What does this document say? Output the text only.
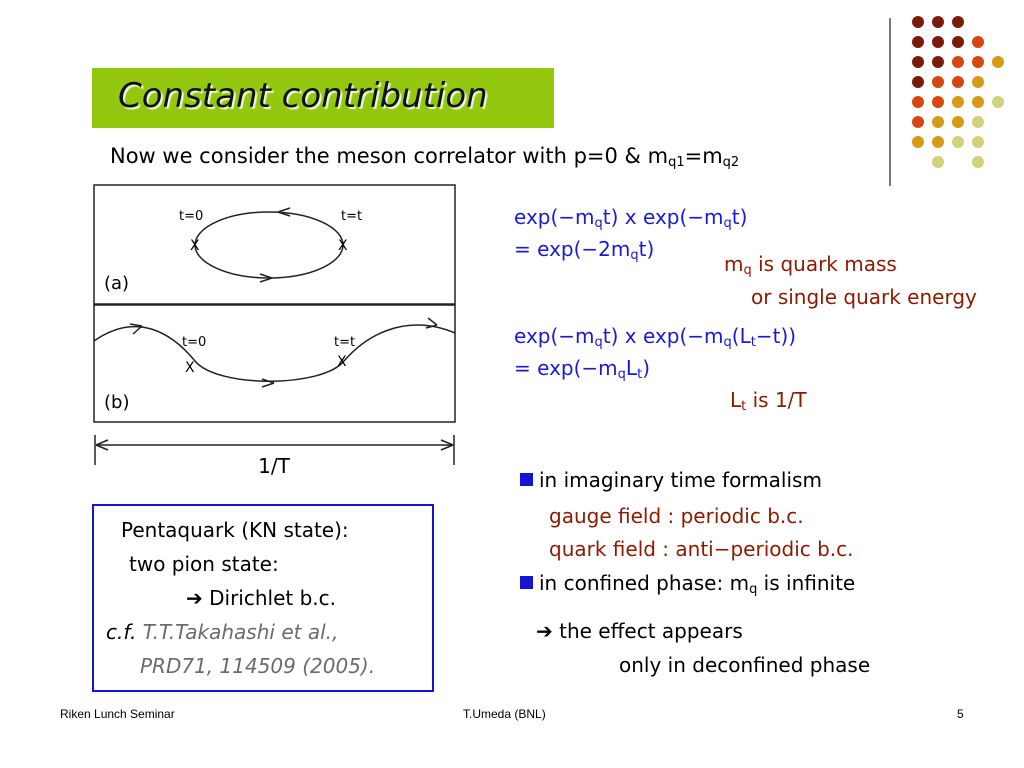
Constant contribution
Now we consider the meson correlator with p=0 & $m_{q1}=m_{q2}$
t=0	t=t
X	X
(a)
t=0	t=t
X	X
(b)
1/T
$\exp(-m_qt)$ x $\exp(-m_qt)$
= $\exp(-2m_qt)$
$m_q$ is quark mass
or single quark energy
$\exp(-m_qt)$ x $\exp(-m_q(L_t-t))$
= $\exp(-m_qL_t)$
$L_t$ is 1/T
in imaginary time formalism
gauge field : periodic b.c.
quark field : anti−periodic b.c.
in confined phase: $m_q$ is infinite
➔ the effect appears
only in deconfined phase
Pentaquark (KN state):
two pion state:
➔ Dirichlet b.c.
c.f. T.T.Takahashi et al.,
PRD71, 114509 (2005).
Riken Lunch Seminar	T.Umeda (BNL)	5
